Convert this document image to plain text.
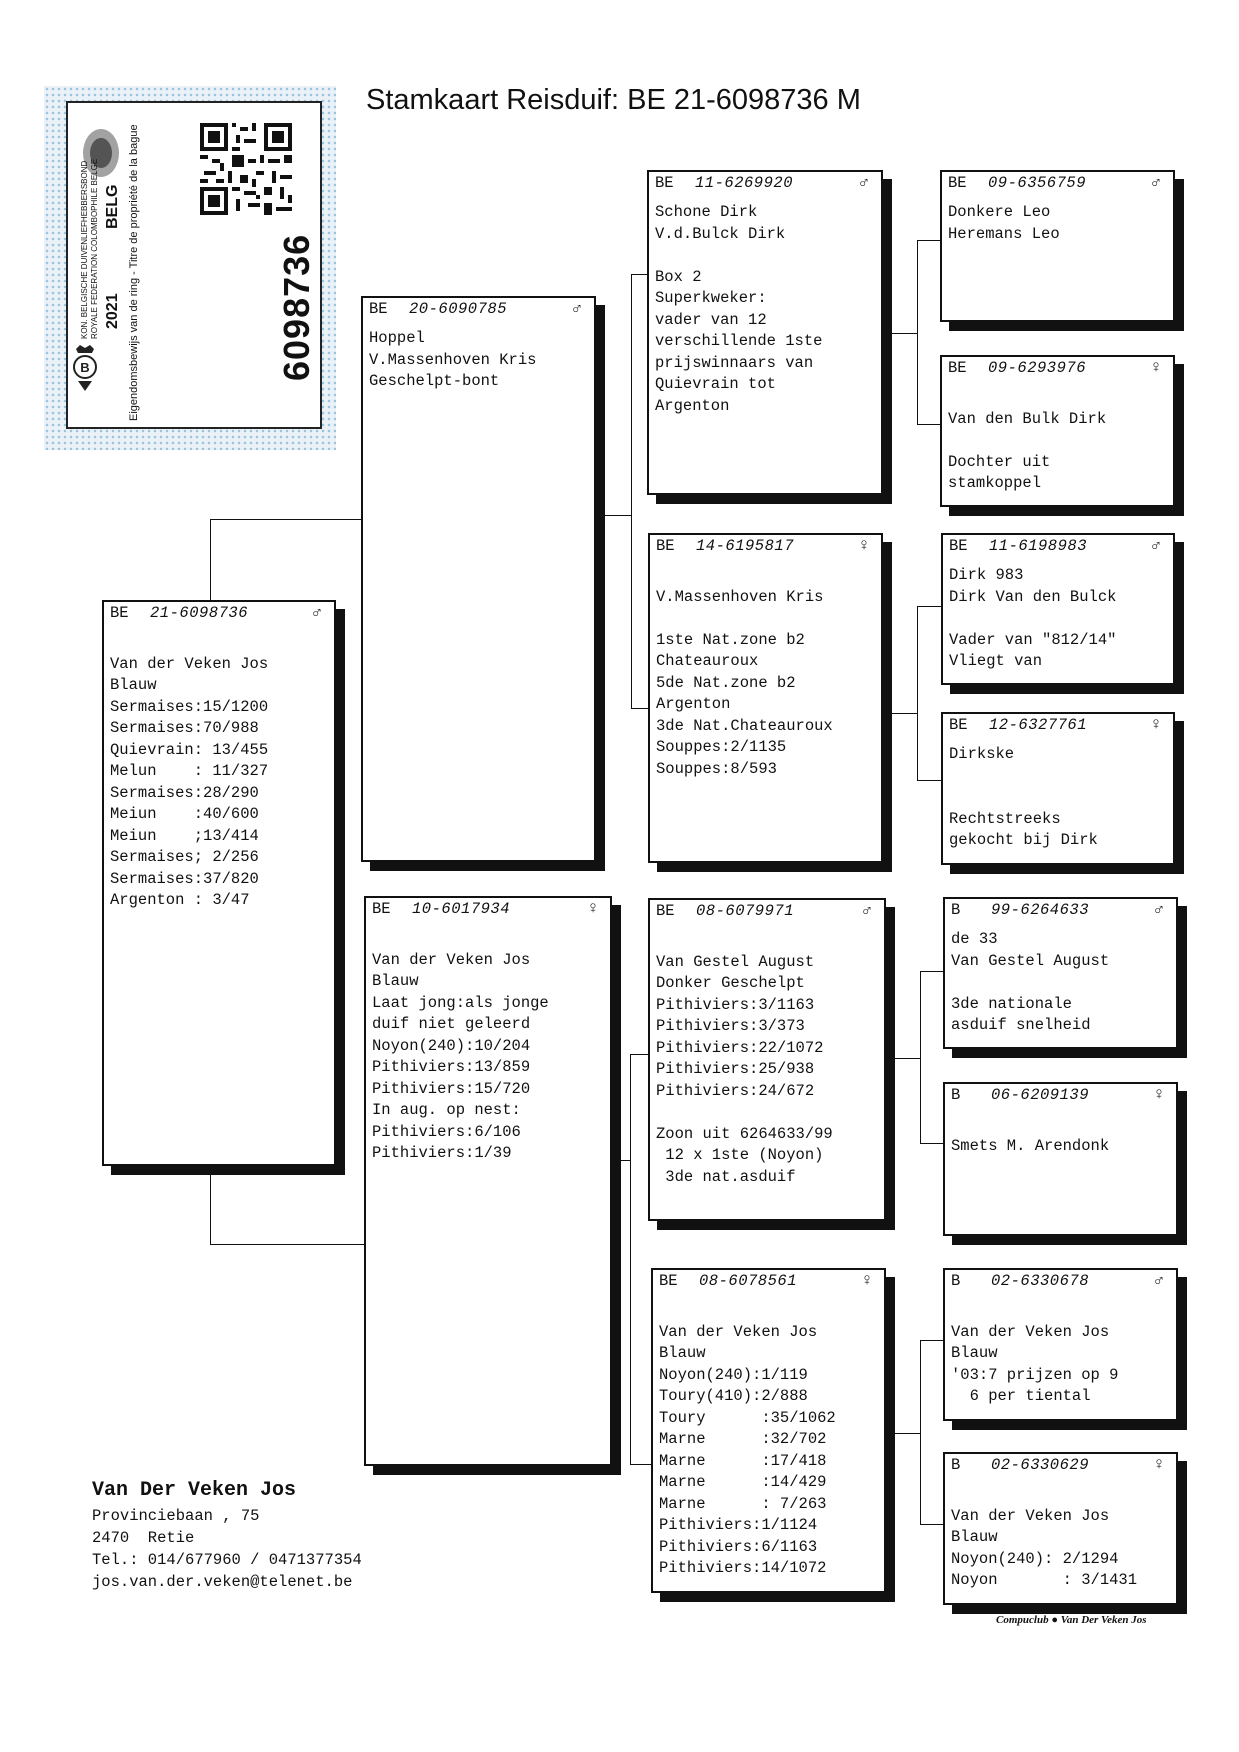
Stamkaart Reisduif: BE 21-6098736 M
B
KON. BELGISCHE DUIVENLIEFHEBBERSBOND ROYALE FEDERATION COLOMBOPHILE BELGE 2021
BELG Eigendomsbewijs van de ring - Titre de propriété de la bague	6098736
BE	21-6098736	♂
Van der Veken Jos
Blauw
Sermaises:15/1200
Sermaises:70/988
Quievrain: 13/455
Melun    : 11/327
Sermaises:28/290
Meiun    :40/600
Meiun    ;13/414
Sermaises; 2/256
Sermaises:37/820
Argenton : 3/47
BE	20-6090785	♂
Hoppel
V.Massenhoven Kris
Geschelpt-bont
BE	10-6017934	♀
Van der Veken Jos
Blauw
Laat jong:als jonge
duif niet geleerd
Noyon(240):10/204
Pithiviers:13/859
Pithiviers:15/720
In aug. op nest:
Pithiviers:6/106
Pithiviers:1/39
BE	11-6269920	♂
Schone Dirk
V.d.Bulck Dirk
Box 2
Superkweker:
vader van 12
verschillende 1ste
prijswinnaars van
Quievrain tot
Argenton
BE	14-6195817	♀
V.Massenhoven Kris
1ste Nat.zone b2
Chateauroux
5de Nat.zone b2
Argenton
3de Nat.Chateauroux
Souppes:2/1135
Souppes:8/593
BE	08-6079971	♂
Van Gestel August
Donker Geschelpt
Pithiviers:3/1163
Pithiviers:3/373
Pithiviers:22/1072
Pithiviers:25/938
Pithiviers:24/672
Zoon uit 6264633/99
12 x 1ste (Noyon)
3de nat.asduif
BE	08-6078561	♀
Van der Veken Jos
Blauw
Noyon(240):1/119
Toury(410):2/888
Toury      :35/1062
Marne      :32/702
Marne      :17/418
Marne      :14/429
Marne      : 7/263
Pithiviers:1/1124
Pithiviers:6/1163
Pithiviers:14/1072
BE	09-6356759	♂
Donkere Leo
Heremans Leo
BE	09-6293976	♀
Van den Bulk Dirk
Dochter uit
stamkoppel
BE	11-6198983	♂
Dirk 983
Dirk Van den Bulck
Vader van "812/14"
Vliegt van
BE	12-6327761	♀
Dirkske
Rechtstreeks
gekocht bij Dirk
B	99-6264633	♂
de 33
Van Gestel August
3de nationale
asduif snelheid
B	06-6209139	♀
Smets M. Arendonk
B	02-6330678	♂
Van der Veken Jos
Blauw
'03:7 prijzen op 9
6 per tiental
B	02-6330629	♀
Van der Veken Jos
Blauw
Noyon(240): 2/1294
Noyon       : 3/1431
Van Der Veken Jos
Provinciebaan , 75
2470  Retie
Tel.: 014/677960 / 0471377354
jos.van.der.veken@telenet.be
Compuclub ● Van Der Veken Jos
